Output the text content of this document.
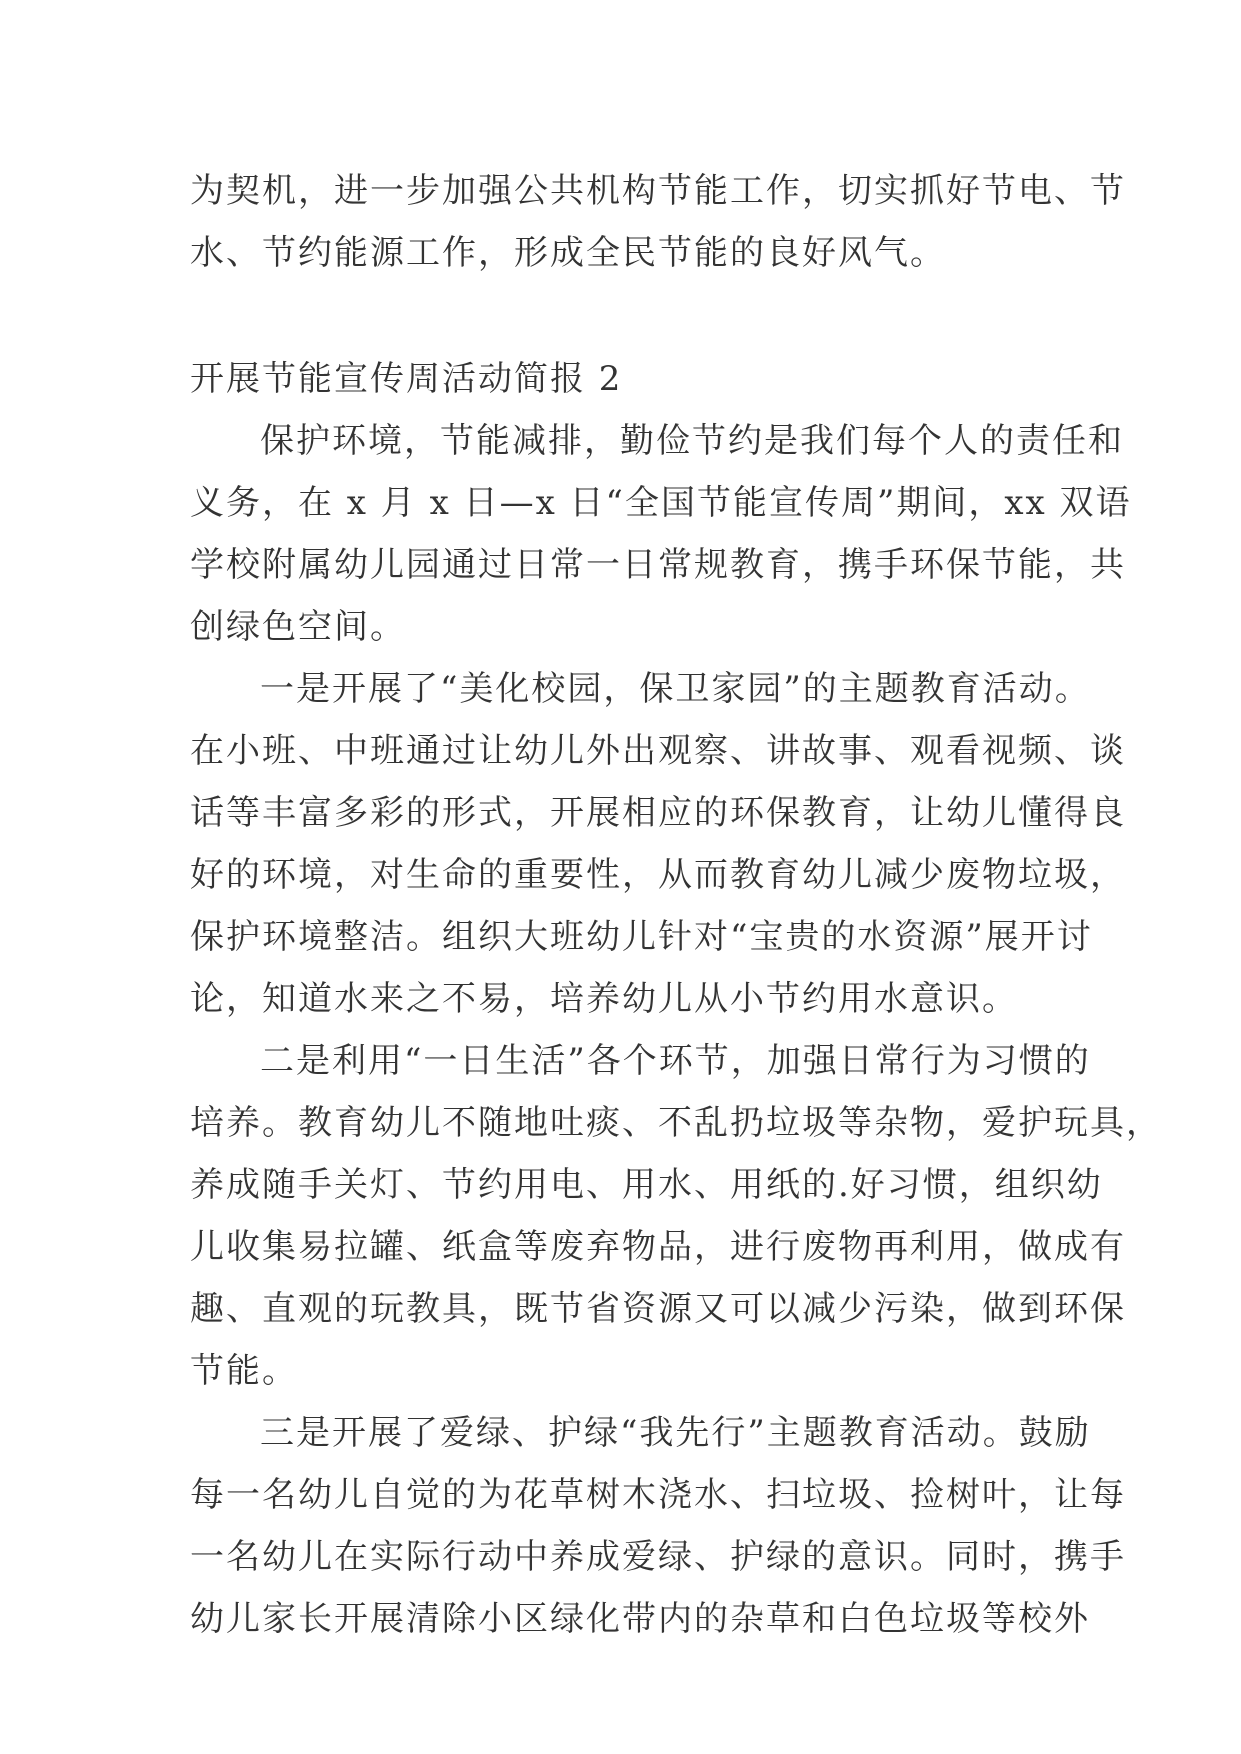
为契机，进一步加强公共机构节能工作，切实抓好节电、节
水、节约能源工作，形成全民节能的良好风气。
开展节能宣传周活动简报 2
保护环境，节能减排，勤俭节约是我们每个人的责任和
义务，在 x 月 x 日—x 日“全国节能宣传周”期间，xx 双语
学校附属幼儿园通过日常一日常规教育，携手环保节能，共
创绿色空间。
一是开展了“美化校园，保卫家园”的主题教育活动。
在小班、中班通过让幼儿外出观察、讲故事、观看视频、谈
话等丰富多彩的形式，开展相应的环保教育，让幼儿懂得良
好的环境，对生命的重要性，从而教育幼儿减少废物垃圾，
保护环境整洁。组织大班幼儿针对“宝贵的水资源”展开讨
论，知道水来之不易，培养幼儿从小节约用水意识。
二是利用“一日生活”各个环节，加强日常行为习惯的
培养。教育幼儿不随地吐痰、不乱扔垃圾等杂物，爱护玩具，
养成随手关灯、节约用电、用水、用纸的.好习惯，组织幼
儿收集易拉罐、纸盒等废弃物品，进行废物再利用，做成有
趣、直观的玩教具，既节省资源又可以减少污染，做到环保
节能。
三是开展了爱绿、护绿“我先行”主题教育活动。鼓励
每一名幼儿自觉的为花草树木浇水、扫垃圾、捡树叶，让每
一名幼儿在实际行动中养成爱绿、护绿的意识。同时，携手
幼儿家长开展清除小区绿化带内的杂草和白色垃圾等校外
